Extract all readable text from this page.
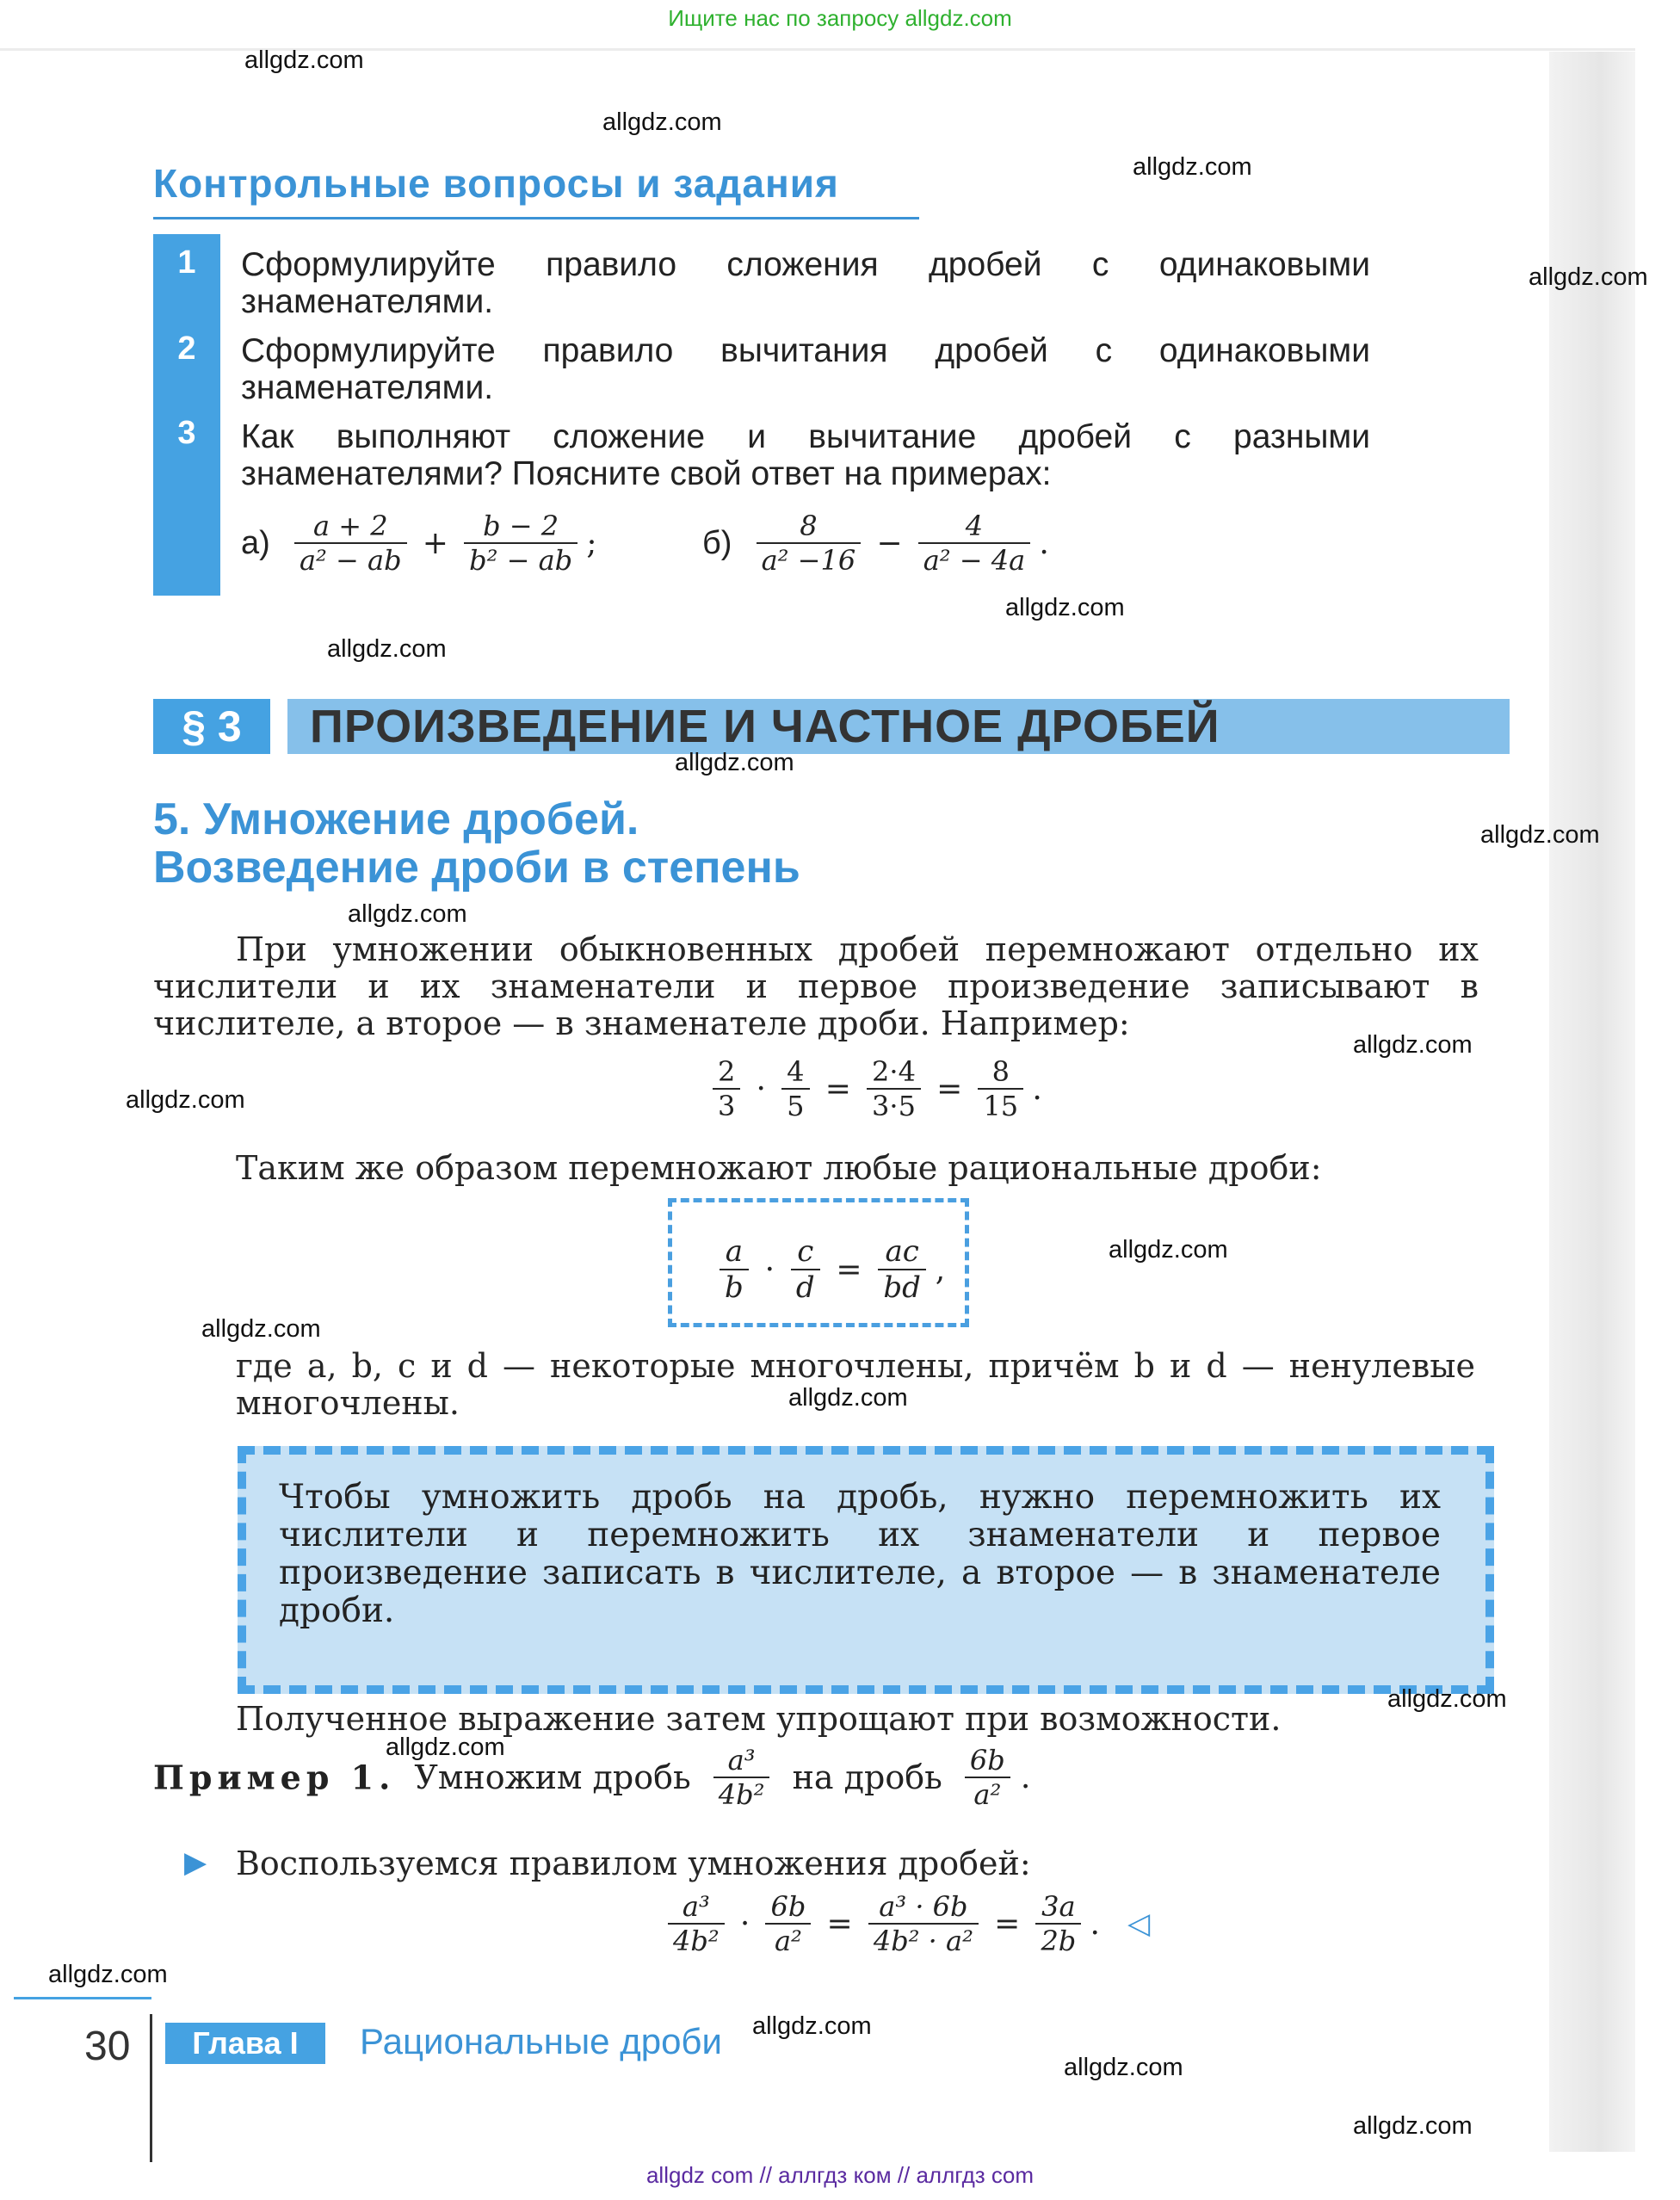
Ищите нас по запросу allgdz.com
Контрольные вопросы и задания
1	Сформулируйте правило сложения дробей с одинаковыми знаменателями.
2	Сформулируйте правило вычитания дробей с одинаковыми знаменателями.
3	Как выполняют сложение и вычитание дробей с разными знаменателями? Поясните свой ответ на примерах:
$а) \frac{a + 2}{\text{a² − ab}} + \frac{b - 2}{\text{b² − ab}}$ ;	$б) \frac{8}{\text{a² −16}} - \frac{4}{\text{a² − 4a}}$ .
§ 3	ПРОИЗВЕДЕНИЕ И ЧАСТНОЕ ДРОБЕЙ
5. Умножение дробей.
Возведение дроби в степень
При умножении обыкновенных дробей перемножают отдельно их числители и их знаменатели и первое произведение записывают в числителе, а второе — в знаменателе дроби. Например:
$\frac{2}{3} \cdot \frac{4}{5} = \frac{2\cdot 4}{3\cdot 5} = \frac{8}{15}$ .
Таким же образом перемножают любые рациональные дроби:
$\frac{a}{b} \cdot \frac{c}{d} = \frac{ac}{bd}$ ,
где a, b, c и d — некоторые многочлены, причём b и d — ненулевые многочлены.
Чтобы умножить дробь на дробь, нужно перемножить их числители и перемножить их знаменатели и первое произведение записать в числителе, а второе — в знаменателе дроби.
Полученное выражение затем упрощают при возможности.
Пример 1. Умножим дробь $\frac{\text{a³}}{\text{4b²}}$ на дробь $\frac{6b}{\text{a²}}$ .
▶ Воспользуемся правилом умножения дробей:
$\frac{\text{a³}}{\text{4b²}} \cdot \frac{6b}{\text{a²}} = \frac{\text{a³ · 6b}}{\text{4b² · a²}} = \frac{3a}{2b}$ . ◁
30	Глава I	Рациональные дроби
allgdz com // аллгдз ком // аллгдз com
allgdz.com
allgdz.com
allgdz.com
allgdz.com
allgdz.com
allgdz.com
allgdz.com
allgdz.com
allgdz.com
allgdz.com
allgdz.com
allgdz.com
allgdz.com
allgdz.com
allgdz.com
allgdz.com
allgdz.com
allgdz.com
allgdz.com
allgdz.com
